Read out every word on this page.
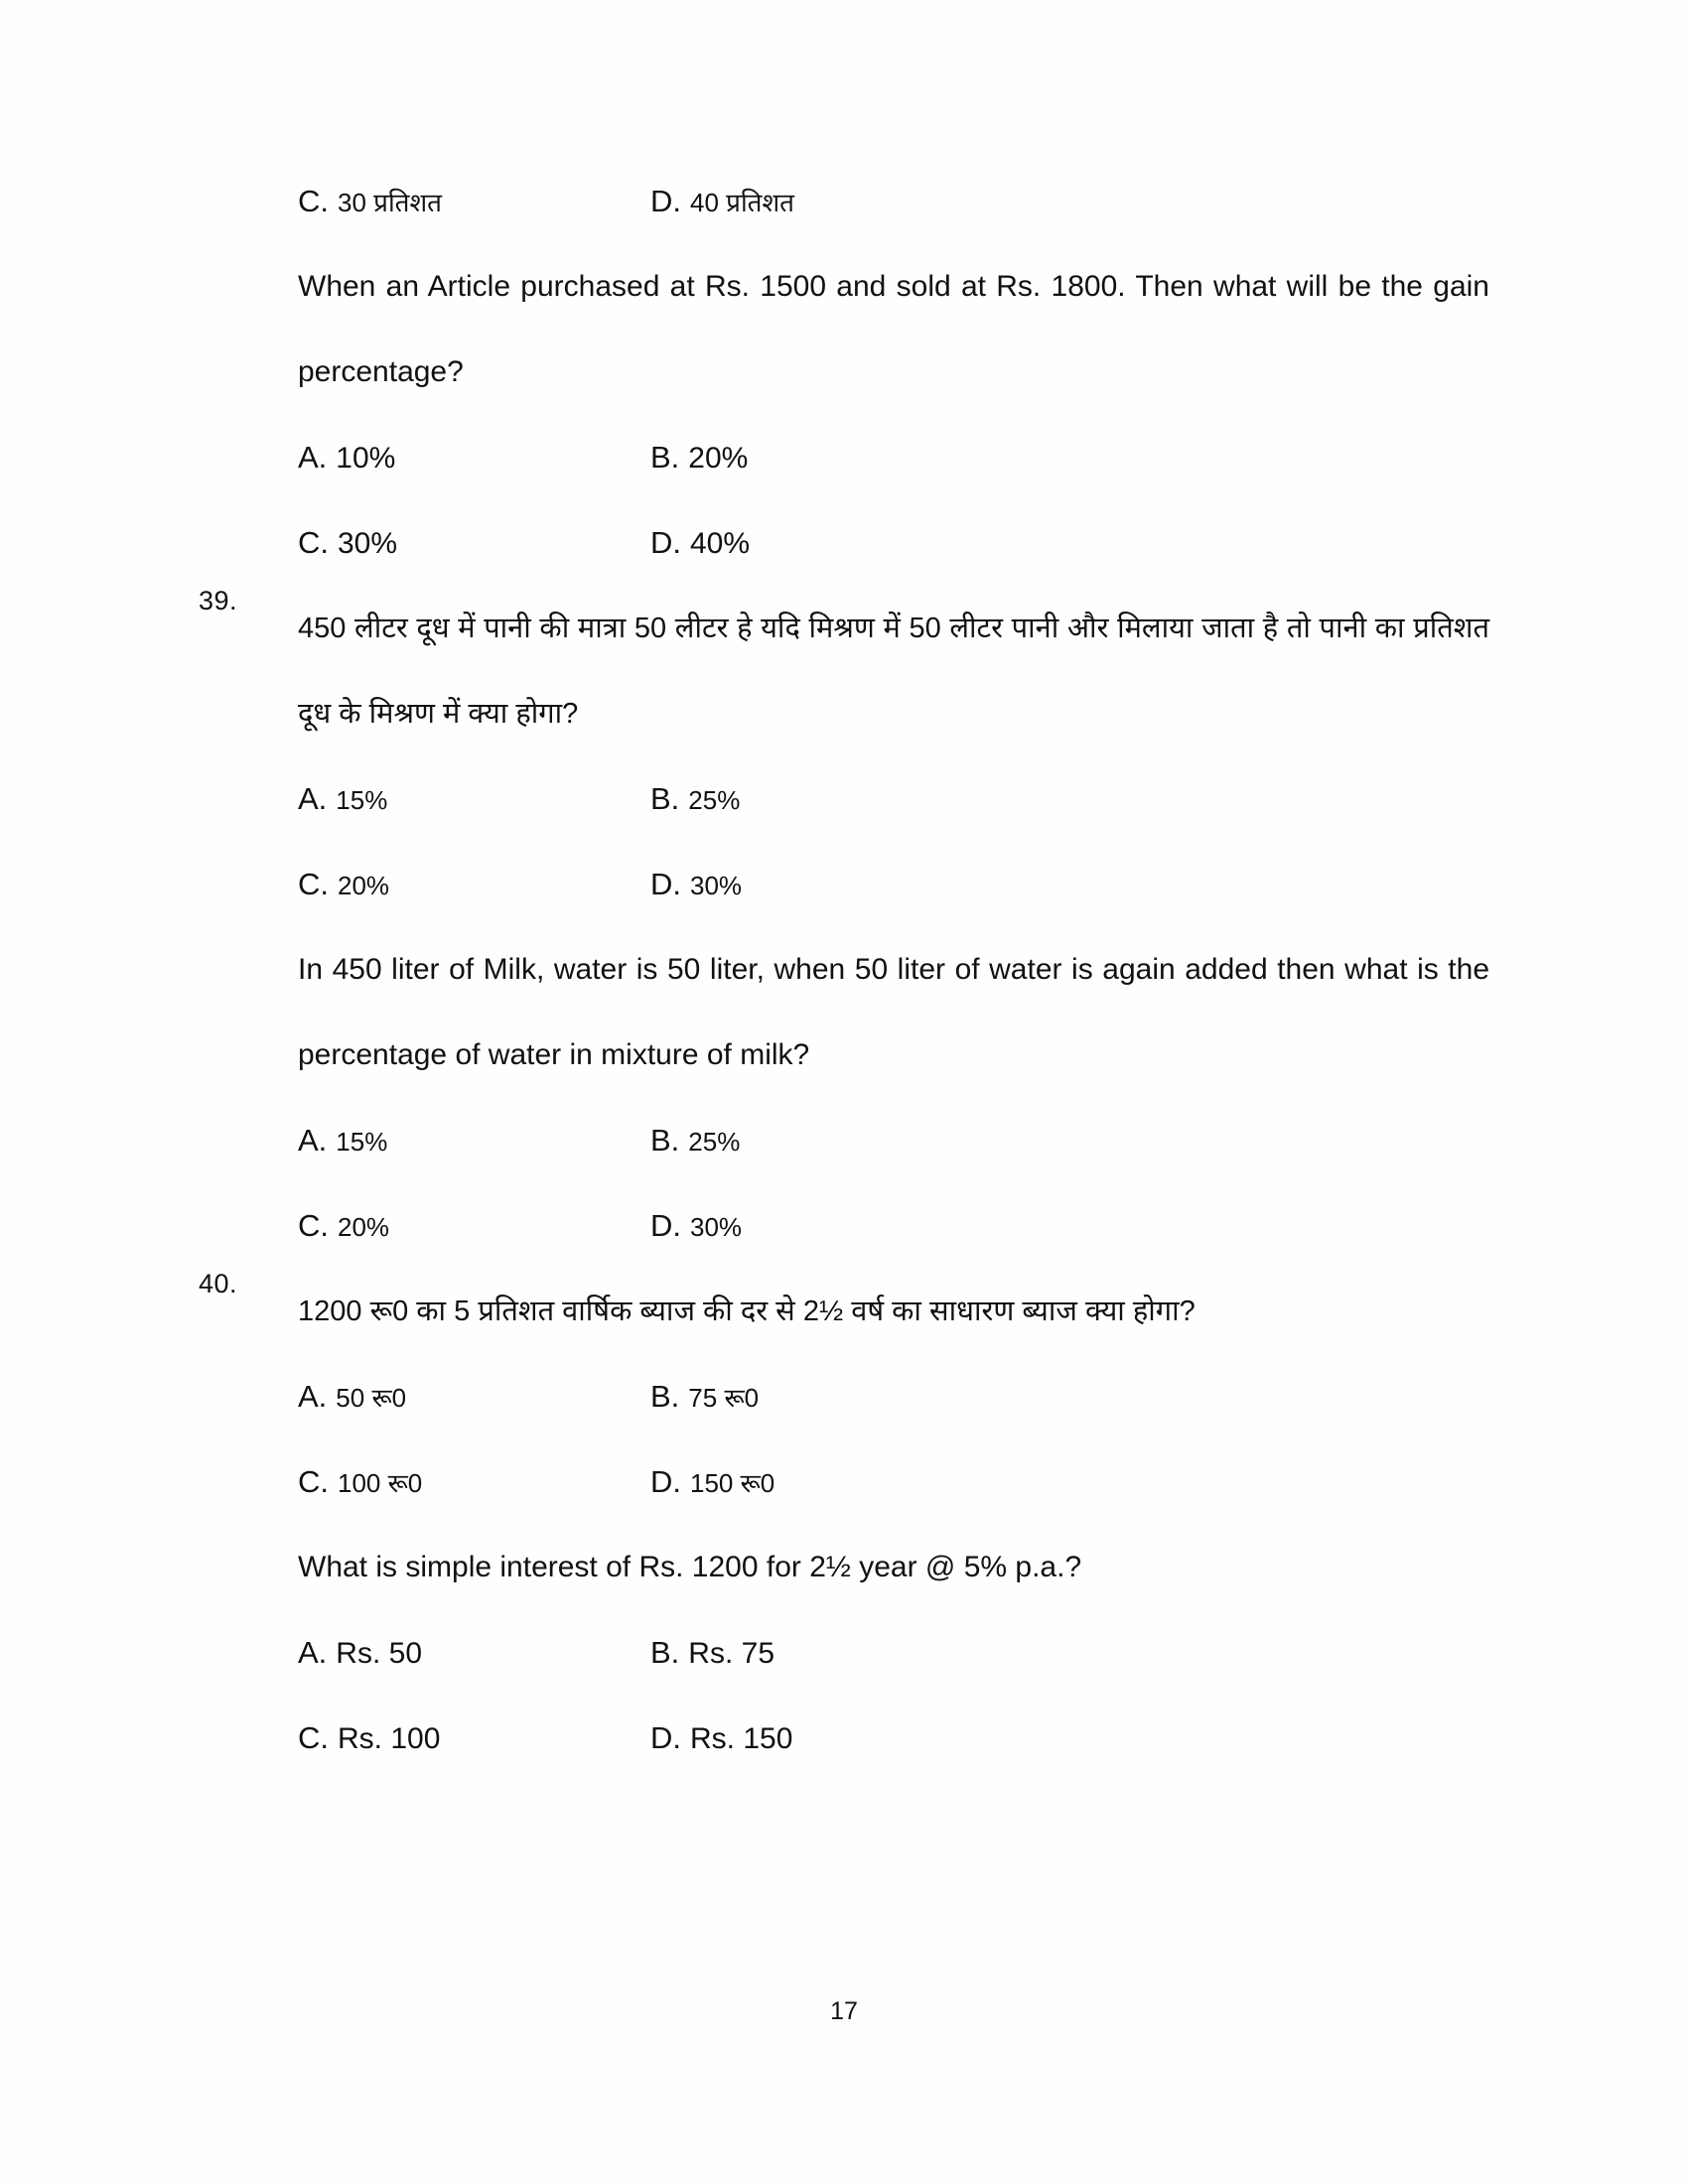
C. 30 प्रतिशत	D. 40 प्रतिशत
When an Article purchased at Rs. 1500 and sold at Rs. 1800. Then what will be the gain percentage?
A. 10%	B. 20%
C. 30%	D. 40%
39.
450 लीटर दूध में पानी की मात्रा 50 लीटर हे यदि मिश्रण में 50 लीटर पानी और मिलाया जाता है तो पानी का प्रतिशत दूध के मिश्रण में क्या होगा?
A. 15%	B. 25%
C. 20%	D. 30%
In 450 liter of Milk, water is 50 liter, when 50 liter of water is again added then what is the percentage of water in mixture of milk?
A. 15%	B. 25%
C. 20%	D. 30%
40.
1200 रू0 का 5 प्रतिशत वार्षिक ब्याज की दर से 2½ वर्ष का साधारण ब्याज क्या होगा?
A. 50 रू0	B. 75 रू0
C. 100 रू0	D. 150 रू0
What is simple interest of Rs. 1200 for 2½ year @ 5% p.a.?
A. Rs. 50	B. Rs. 75
C. Rs. 100	D. Rs. 150
17
